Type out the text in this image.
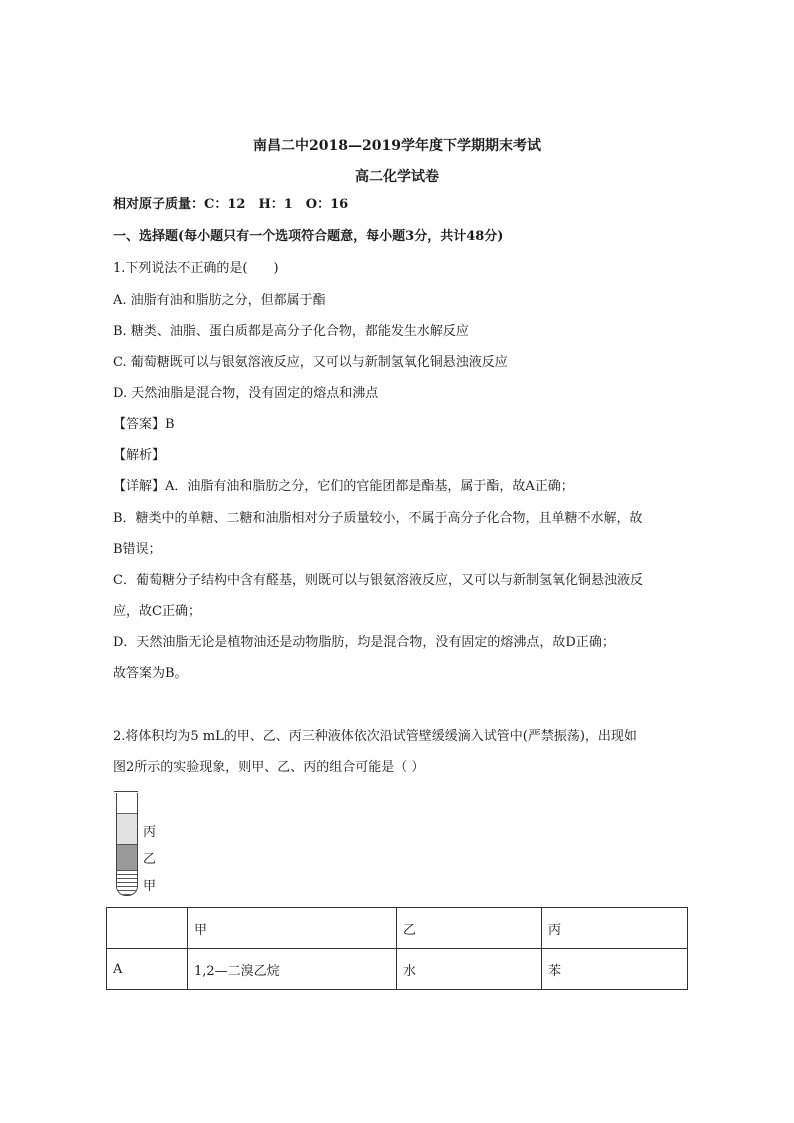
南昌二中2018—2019学年度下学期期末考试
高二化学试卷
相对原子质量：C：12　H：1　O：16
一、选择题(每小题只有一个选项符合题意，每小题3分，共计48分)
1.下列说法不正确的是(　　)
A. 油脂有油和脂肪之分，但都属于酯
B. 糖类、油脂、蛋白质都是高分子化合物，都能发生水解反应
C. 葡萄糖既可以与银氨溶液反应，又可以与新制氢氧化铜悬浊液反应
D. 天然油脂是混合物，没有固定的熔点和沸点
【答案】B
【解析】
【详解】A．油脂有油和脂肪之分，它们的官能团都是酯基，属于酯，故A正确；
B．糖类中的单糖、二糖和油脂相对分子质量较小，不属于高分子化合物，且单糖不水解，故
B错误；
C．葡萄糖分子结构中含有醛基，则既可以与银氨溶液反应，又可以与新制氢氧化铜悬浊液反
应，故C正确；
D．天然油脂无论是植物油还是动物脂肪，均是混合物，没有固定的熔沸点，故D正确；
故答案为B。
2.将体积均为5 mL的甲、乙、丙三种液体依次沿试管壁缓缓滴入试管中(严禁振荡)，出现如
图2所示的实验现象，则甲、乙、丙的组合可能是（ ）
丙
乙
甲
	甲	乙	丙
A	1,2—二溴乙烷	水	苯
